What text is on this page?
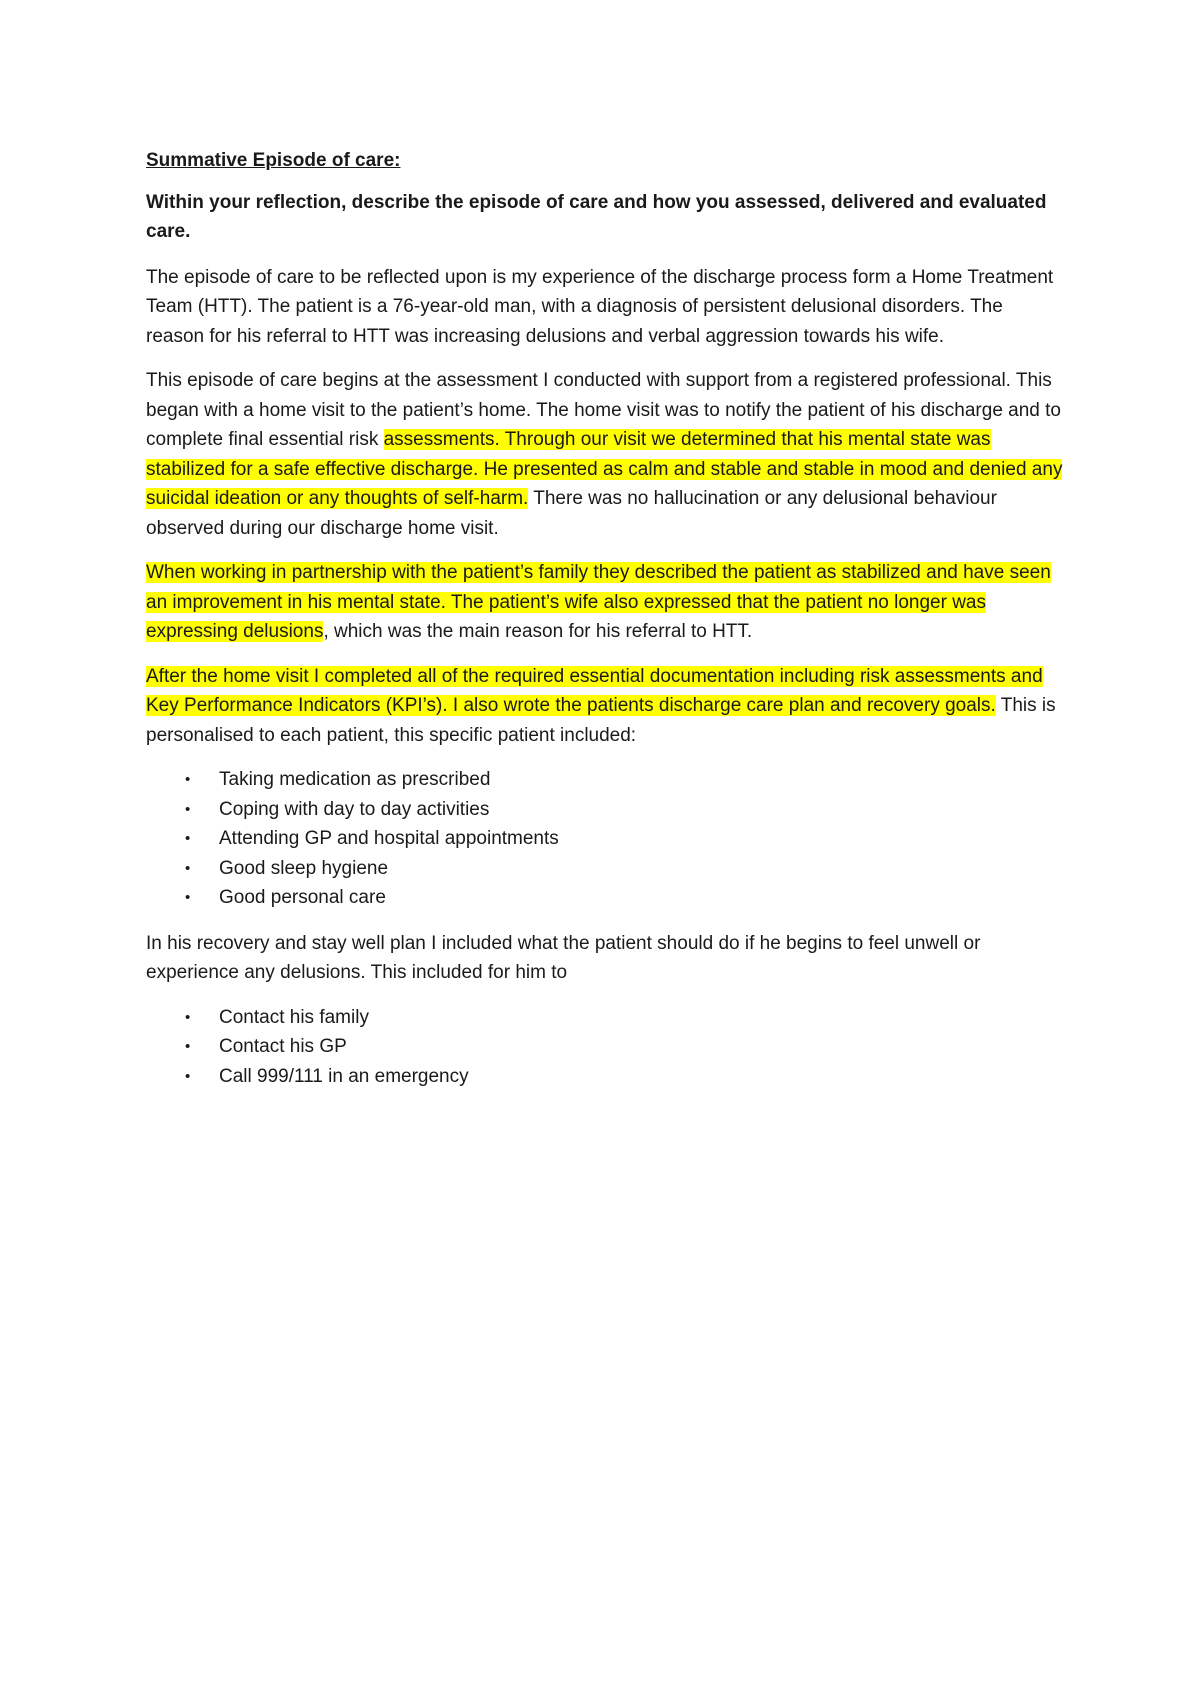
Summative Episode of care:
Within your reflection, describe the episode of care and how you assessed, delivered and evaluated care.

The episode of care to be reflected upon is my experience of the discharge process form a Home Treatment Team (HTT). The patient is a 76-year-old man, with a diagnosis of persistent delusional disorders. The reason for his referral to HTT was increasing delusions and verbal aggression towards his wife.

This episode of care begins at the assessment I conducted with support from a registered professional. This began with a home visit to the patient’s home. The home visit was to notify the patient of his discharge and to complete final essential risk assessments. Through our visit we determined that his mental state was stabilized for a safe effective discharge. He presented as calm and stable and stable in mood and denied any suicidal ideation or any thoughts of self-harm. There was no hallucination or any delusional behaviour observed during our discharge home visit.

When working in partnership with the patient’s family they described the patient as stabilized and have seen an improvement in his mental state. The patient’s wife also expressed that the patient no longer was expressing delusions, which was the main reason for his referral to HTT.

After the home visit I completed all of the required essential documentation including risk assessments and Key Performance Indicators (KPI’s). I also wrote the patients discharge care plan and recovery goals. This is personalised to each patient, this specific patient included:

• Taking medication as prescribed
• Coping with day to day activities
• Attending GP and hospital appointments
• Good sleep hygiene
• Good personal care

In his recovery and stay well plan I included what the patient should do if he begins to feel unwell or experience any delusions. This included for him to

• Contact his family
• Contact his GP
• Call 999/111 in an emergency
